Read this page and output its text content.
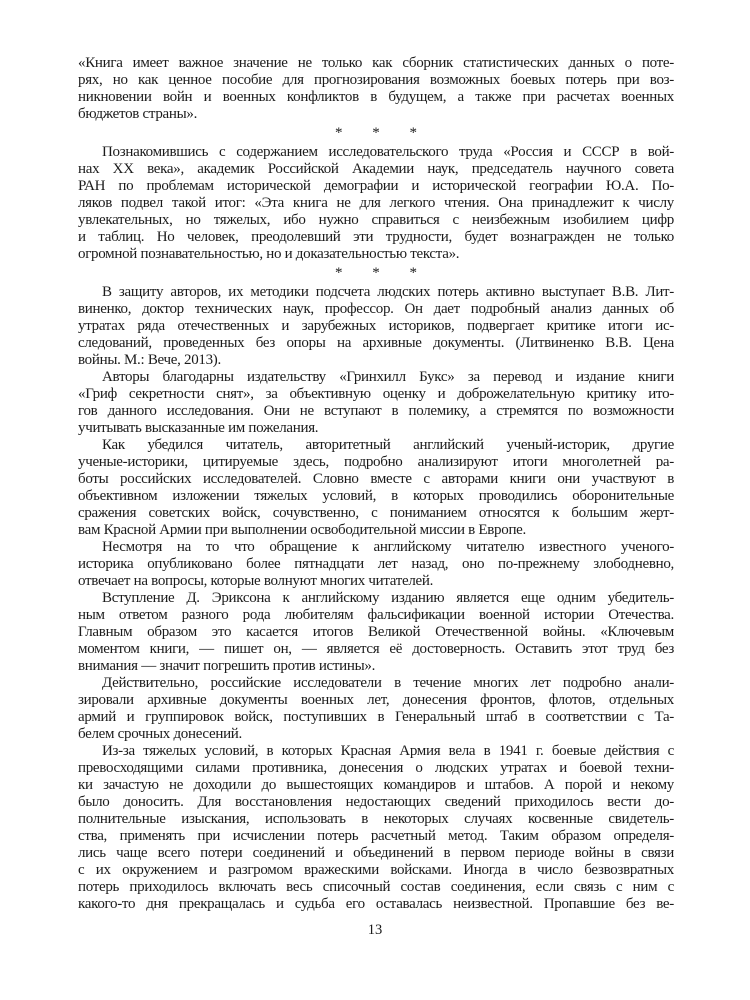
«Книга имеет важное значение не только как сборник статистических данных о поте-
рях, но как ценное пособие для прогнозирования возможных боевых потерь при воз-
никновении войн и военных конфликтов в будущем, а также при расчетах военных
бюджетов страны».
* * *
Познакомившись с содержанием исследовательского труда «Россия и СССР в вой-
нах XX века», академик Российской Академии наук, председатель научного совета
РАН по проблемам исторической демографии и исторической географии Ю.А. По-
ляков подвел такой итог: «Эта книга не для легкого чтения. Она принадлежит к числу
увлекательных, но тяжелых, ибо нужно справиться с неизбежным изобилием цифр
и таблиц. Но человек, преодолевший эти трудности, будет вознагражден не только
огромной познавательностью, но и доказательностью текста».
* * *
В защиту авторов, их методики подсчета людских потерь активно выступает В.В. Лит-
виненко, доктор технических наук, профессор. Он дает подробный анализ данных об
утратах ряда отечественных и зарубежных историков, подвергает критике итоги ис-
следований, проведенных без опоры на архивные документы. (Литвиненко В.В. Цена
войны. М.: Вече, 2013).
Авторы благодарны издательству «Гринхилл Букс» за перевод и издание книги
«Гриф секретности снят», за объективную оценку и доброжелательную критику ито-
гов данного исследования. Они не вступают в полемику, а стремятся по возможности
учитывать высказанные им пожелания.
Как убедился читатель, авторитетный английский ученый-историк, другие
ученые-историки, цитируемые здесь, подробно анализируют итоги многолетней ра-
боты российских исследователей. Словно вместе с авторами книги они участвуют в
объективном изложении тяжелых условий, в которых проводились оборонительные
сражения советских войск, сочувственно, с пониманием относятся к большим жерт-
вам Красной Армии при выполнении освободительной миссии в Европе.
Несмотря на то что обращение к английскому читателю известного ученого-
историка опубликовано более пятнадцати лет назад, оно по-прежнему злободневно,
отвечает на вопросы, которые волнуют многих читателей.
Вступление Д. Эриксона к английскому изданию является еще одним убедитель-
ным ответом разного рода любителям фальсификации военной истории Отечества.
Главным образом это касается итогов Великой Отечественной войны. «Ключевым
моментом книги, — пишет он, — является её достоверность. Оставить этот труд без
внимания — значит погрешить против истины».
Действительно, российские исследователи в течение многих лет подробно анали-
зировали архивные документы военных лет, донесения фронтов, флотов, отдельных
армий и группировок войск, поступивших в Генеральный штаб в соответствии с Та-
белем срочных донесений.
Из-за тяжелых условий, в которых Красная Армия вела в 1941 г. боевые действия с
превосходящими силами противника, донесения о людских утратах и боевой техни-
ки зачастую не доходили до вышестоящих командиров и штабов. А порой и некому
было доносить. Для восстановления недостающих сведений приходилось вести до-
полнительные изыскания, использовать в некоторых случаях косвенные свидетель-
ства, применять при исчислении потерь расчетный метод. Таким образом определя-
лись чаще всего потери соединений и объединений в первом периоде войны в связи
с их окружением и разгромом вражескими войсками. Иногда в число безвозвратных
потерь приходилось включать весь списочный состав соединения, если связь с ним с
какого-то дня прекращалась и судьба его оставалась неизвестной. Пропавшие без ве-
13
